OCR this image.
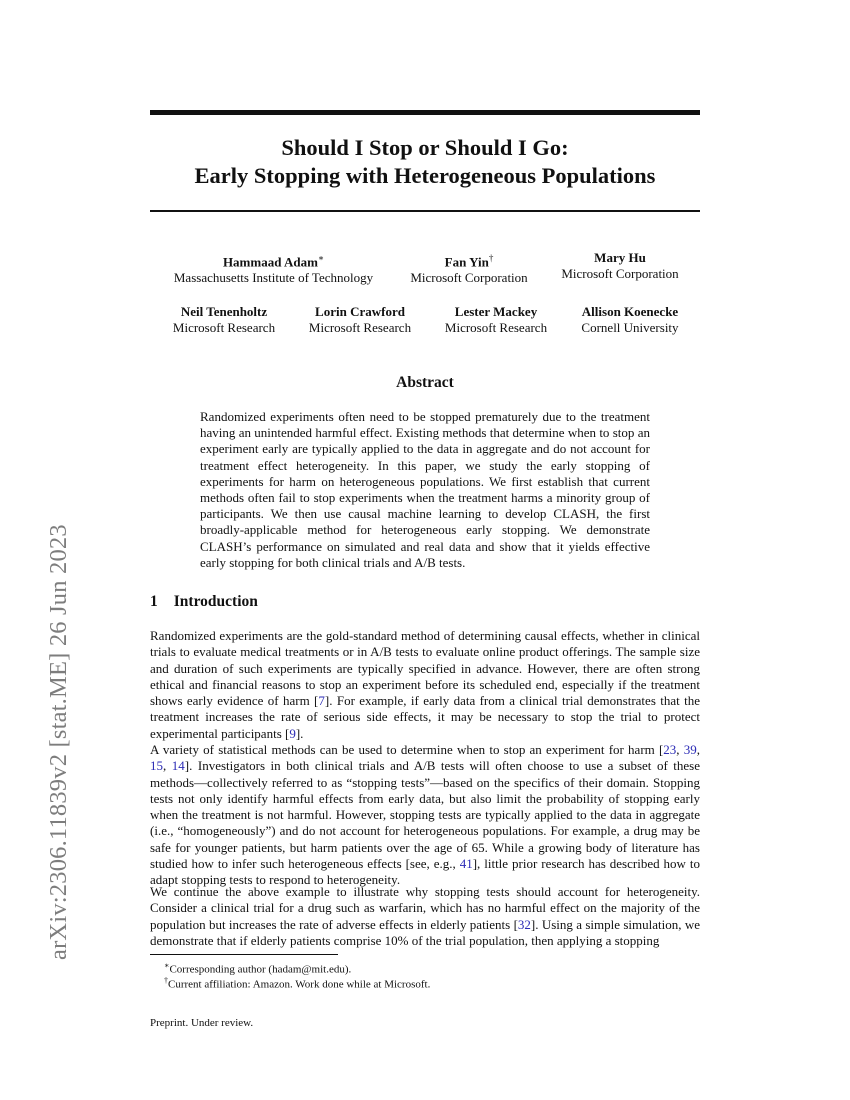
arXiv:2306.11839v2 [stat.ME] 26 Jun 2023
Should I Stop or Should I Go:
Early Stopping with Heterogeneous Populations
Hammaad Adam∗
Massachusetts Institute of Technology
Fan Yin†
Microsoft Corporation
Mary Hu
Microsoft Corporation
Neil Tenenholtz
Microsoft Research
Lorin Crawford
Microsoft Research
Lester Mackey
Microsoft Research
Allison Koenecke
Cornell University
Abstract
Randomized experiments often need to be stopped prematurely due to the treatment having an unintended harmful effect. Existing methods that determine when to stop an experiment early are typically applied to the data in aggregate and do not account for treatment effect heterogeneity. In this paper, we study the early stopping of experiments for harm on heterogeneous populations. We first establish that current methods often fail to stop experiments when the treatment harms a minority group of participants. We then use causal machine learning to develop CLASH, the first broadly-applicable method for heterogeneous early stopping. We demonstrate CLASH’s performance on simulated and real data and show that it yields effective early stopping for both clinical trials and A/B tests.
1 Introduction

Randomized experiments are the gold-standard method of determining causal effects, whether in clinical trials to evaluate medical treatments or in A/B tests to evaluate online product offerings. The sample size and duration of such experiments are typically specified in advance. However, there are often strong ethical and financial reasons to stop an experiment before its scheduled end, especially if the treatment shows early evidence of harm [7]. For example, if early data from a clinical trial demonstrates that the treatment increases the rate of serious side effects, it may be necessary to stop the trial to protect experimental participants [9].

A variety of statistical methods can be used to determine when to stop an experiment for harm [23, 39, 15, 14]. Investigators in both clinical trials and A/B tests will often choose to use a subset of these methods—collectively referred to as “stopping tests”—based on the specifics of their domain. Stopping tests not only identify harmful effects from early data, but also limit the probability of stopping early when the treatment is not harmful. However, stopping tests are typically applied to the data in aggregate (i.e., “homogeneously”) and do not account for heterogeneous populations. For example, a drug may be safe for younger patients, but harm patients over the age of 65. While a growing body of literature has studied how to infer such heterogeneous effects [see, e.g., 41], little prior research has described how to adapt stopping tests to respond to heterogeneity.

We continue the above example to illustrate why stopping tests should account for heterogeneity. Consider a clinical trial for a drug such as warfarin, which has no harmful effect on the majority of the population but increases the rate of adverse effects in elderly patients [32]. Using a simple simulation, we demonstrate that if elderly patients comprise 10% of the trial population, then applying a stopping

∗Corresponding author (hadam@mit.edu).
†Current affiliation: Amazon. Work done while at Microsoft.
Preprint. Under review.
